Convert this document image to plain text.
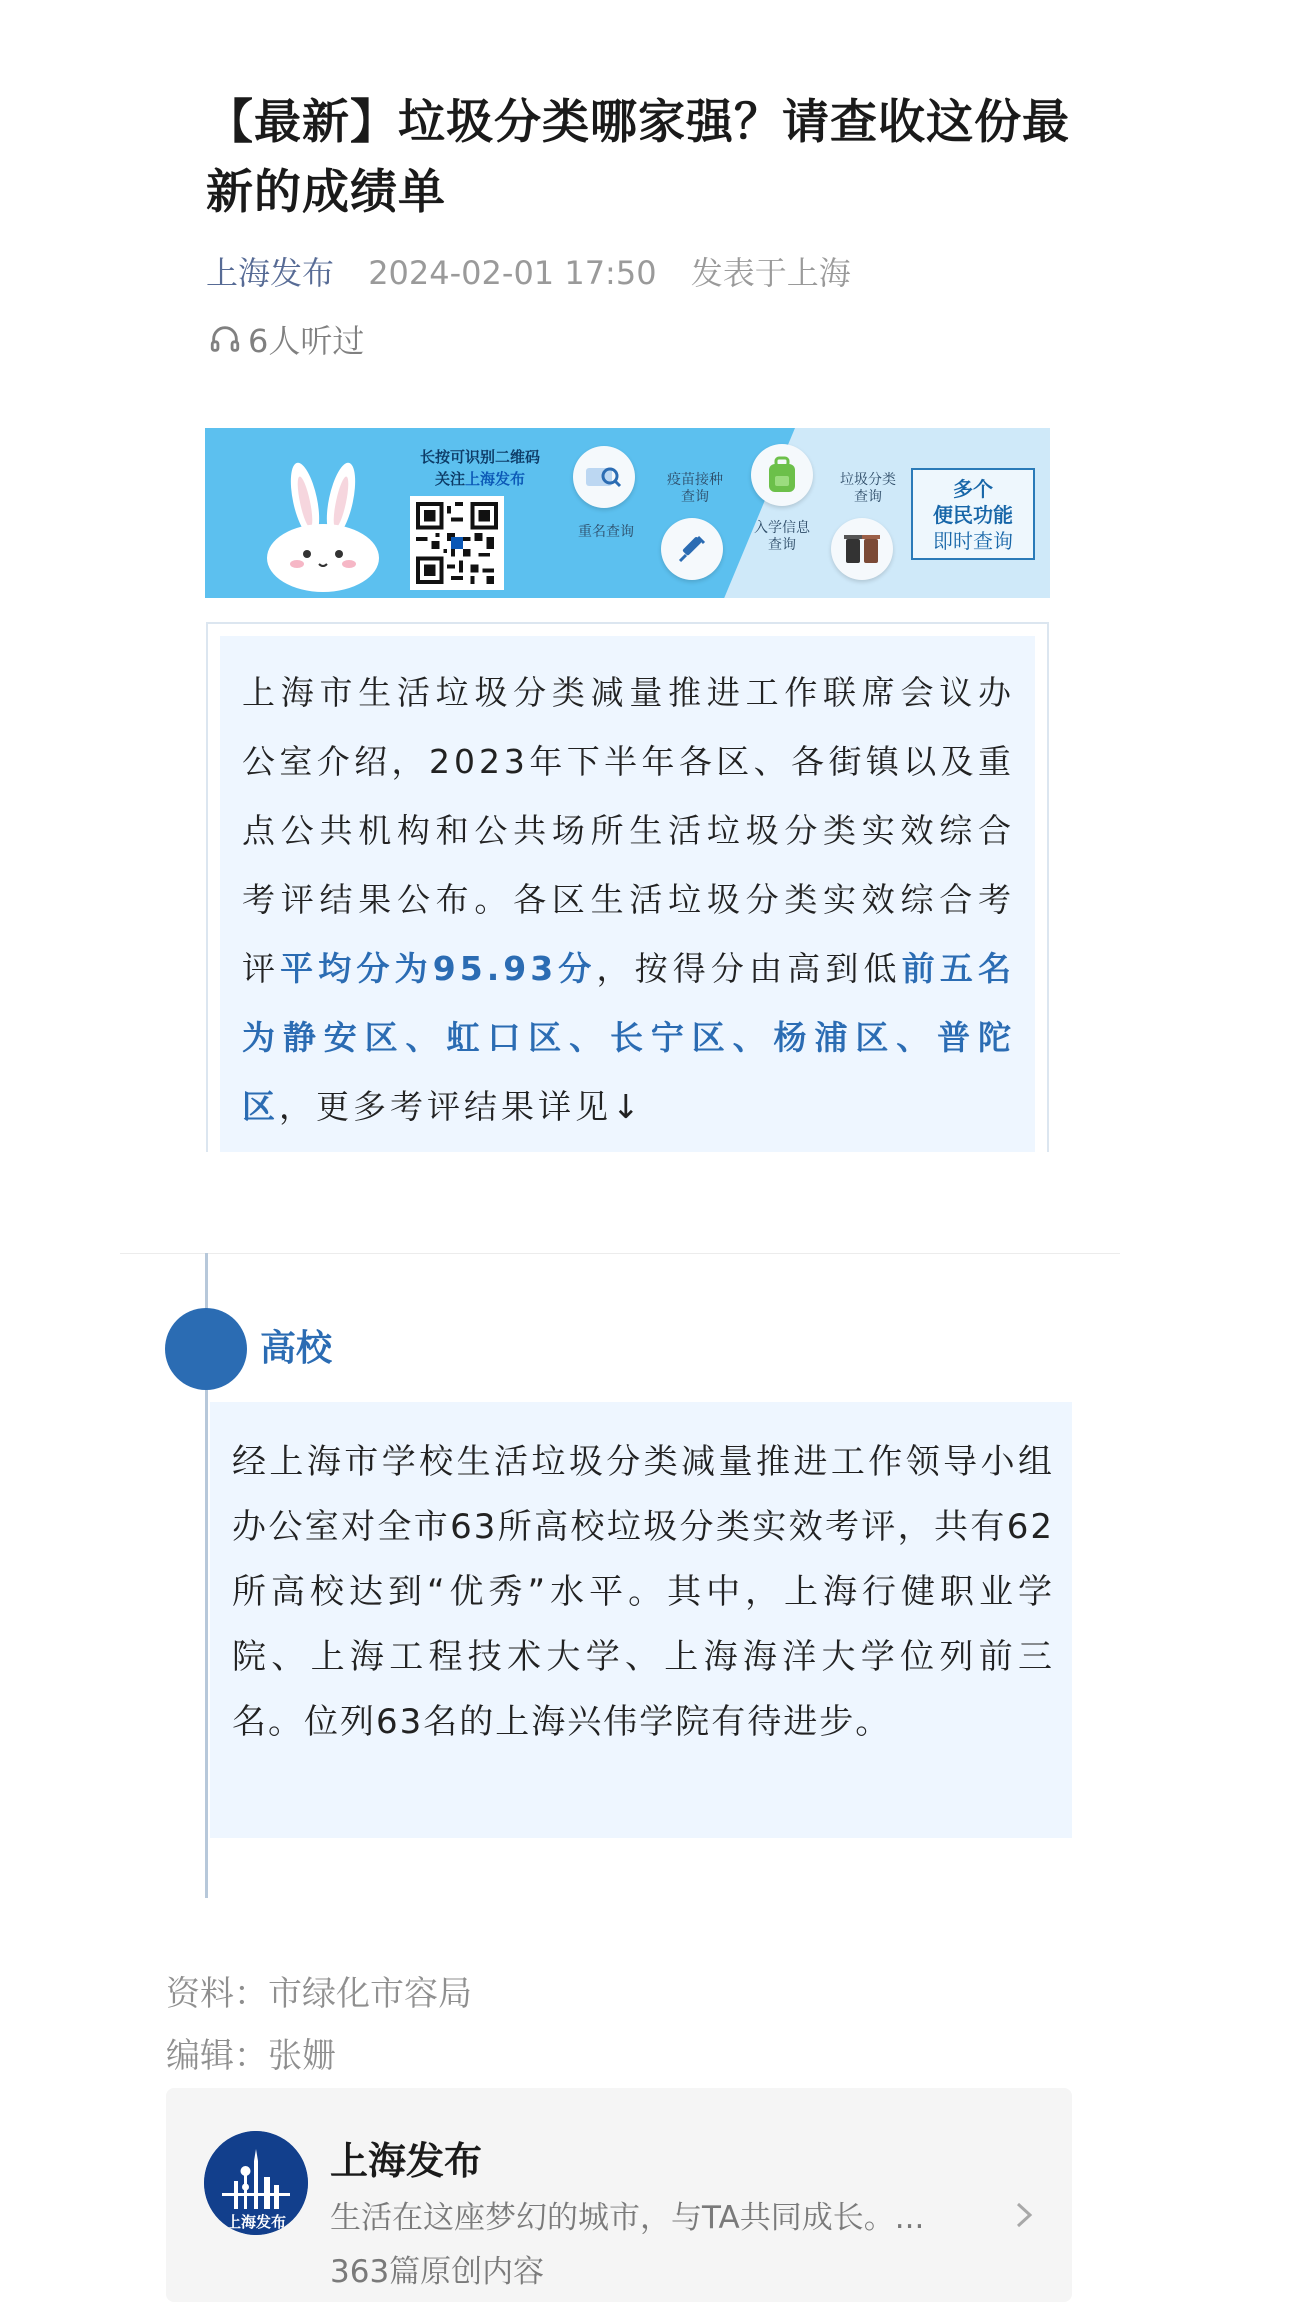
【最新】垃圾分类哪家强？请查收这份最新的成绩单
上海发布 2024-02-01 17:50 发表于上海
6人听过
长按可识别二维码
关注上海发布
重名查询
疫苗接种
查询
入学信息
查询
垃圾分类
查询	多个
便民功能
即时查询
上海市生活垃圾分类减量推进工作联席会议办公室介绍，2023年下半年各区、各街镇以及重点公共机构和公共场所生活垃圾分类实效综合考评结果公布。各区生活垃圾分类实效综合考评平均分为95.93分，按得分由高到低前五名为静安区、虹口区、长宁区、杨浦区、普陀区，更多考评结果详见↓
高校
经上海市学校生活垃圾分类减量推进工作领导小组办公室对全市63所高校垃圾分类实效考评，共有62所高校达到“优秀”水平。其中，上海行健职业学院、上海工程技术大学、上海海洋大学位列前三名。位列63名的上海兴伟学院有待进步。
资料：市绿化市容局
编辑：张姗
上海发布
上海发布
生活在这座梦幻的城市，与TA共同成长。...
363篇原创内容
